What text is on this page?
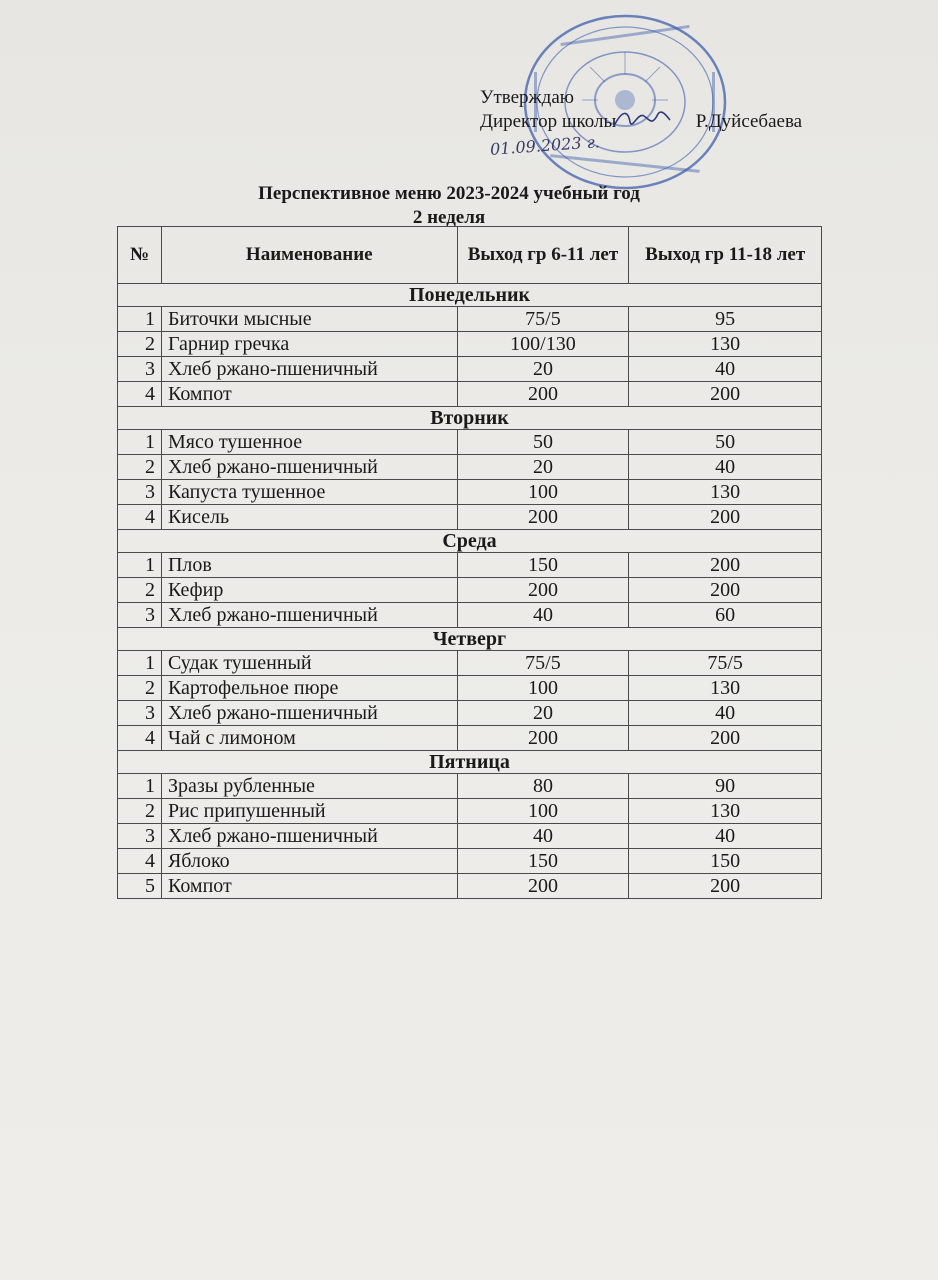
Утверждаю
Директор школы	Р.Дуйсебаева
01.09.2023 г.
Перспективное меню 2023-2024 учебный год
2 неделя
№	Наименование	Выход гр 6-11 лет	Выход гр 11-18 лет
Понедельник			
1	Биточки мысные	75/5	95
2	Гарнир гречка	100/130	130
3	Хлеб ржано-пшеничный	20	40
4	Компот	200	200
Вторник			
1	Мясо тушенное	50	50
2	Хлеб ржано-пшеничный	20	40
3	Капуста тушенное	100	130
4	Кисель	200	200
Среда			
1	Плов	150	200
2	Кефир	200	200
3	Хлеб ржано-пшеничный	40	60
Четверг			
1	Судак тушенный	75/5	75/5
2	Картофельное пюре	100	130
3	Хлеб ржано-пшеничный	20	40
4	Чай с лимоном	200	200
Пятница			
1	Зразы рубленные	80	90
2	Рис припушенный	100	130
3	Хлеб ржано-пшеничный	40	40
4	Яблоко	150	150
5	Компот	200	200
